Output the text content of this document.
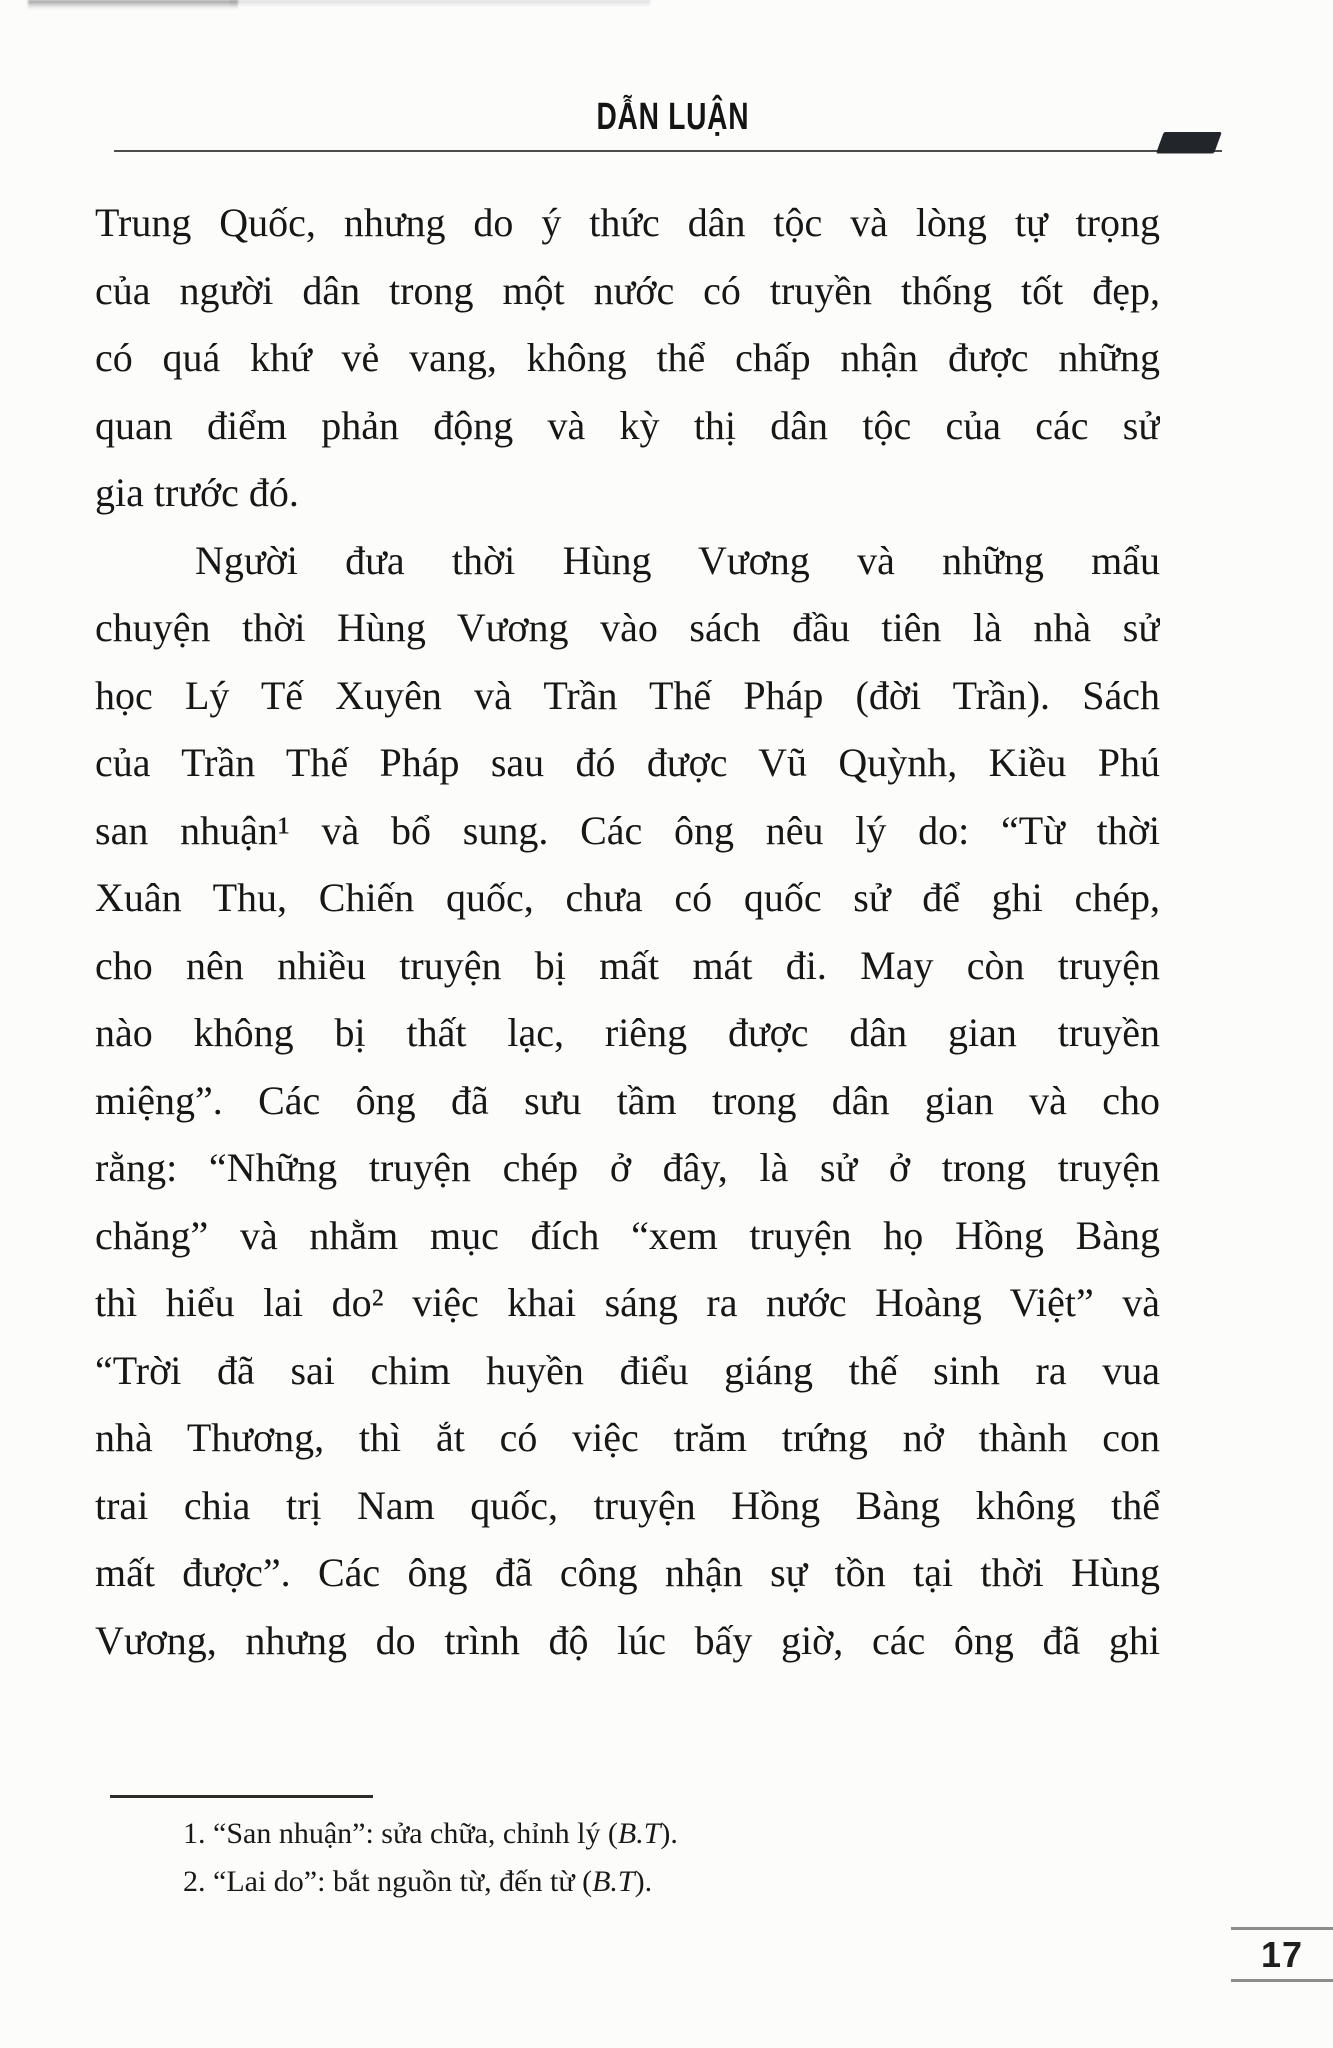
DẪN LUẬN
Trung Quốc, nhưng do ý thức dân tộc và lòng tự trọng
của người dân trong một nước có truyền thống tốt đẹp,
có quá khứ vẻ vang, không thể chấp nhận được những
quan điểm phản động và kỳ thị dân tộc của các sử
gia trước đó.
Người đưa thời Hùng Vương và những mẩu
chuyện thời Hùng Vương vào sách đầu tiên là nhà sử
học Lý Tế Xuyên và Trần Thế Pháp (đời Trần). Sách
của Trần Thế Pháp sau đó được Vũ Quỳnh, Kiều Phú
san nhuận¹ và bổ sung. Các ông nêu lý do: “Từ thời
Xuân Thu, Chiến quốc, chưa có quốc sử để ghi chép,
cho nên nhiều truyện bị mất mát đi. May còn truyện
nào không bị thất lạc, riêng được dân gian truyền
miệng”. Các ông đã sưu tầm trong dân gian và cho
rằng: “Những truyện chép ở đây, là sử ở trong truyện
chăng” và nhằm mục đích “xem truyện họ Hồng Bàng
thì hiểu lai do² việc khai sáng ra nước Hoàng Việt” và
“Trời đã sai chim huyền điểu giáng thế sinh ra vua
nhà Thương, thì ắt có việc trăm trứng nở thành con
trai chia trị Nam quốc, truyện Hồng Bàng không thể
mất được”. Các ông đã công nhận sự tồn tại thời Hùng
Vương, nhưng do trình độ lúc bấy giờ, các ông đã ghi
1. “San nhuận”: sửa chữa, chỉnh lý (B.T).
2. “Lai do”: bắt nguồn từ, đến từ (B.T).
17
